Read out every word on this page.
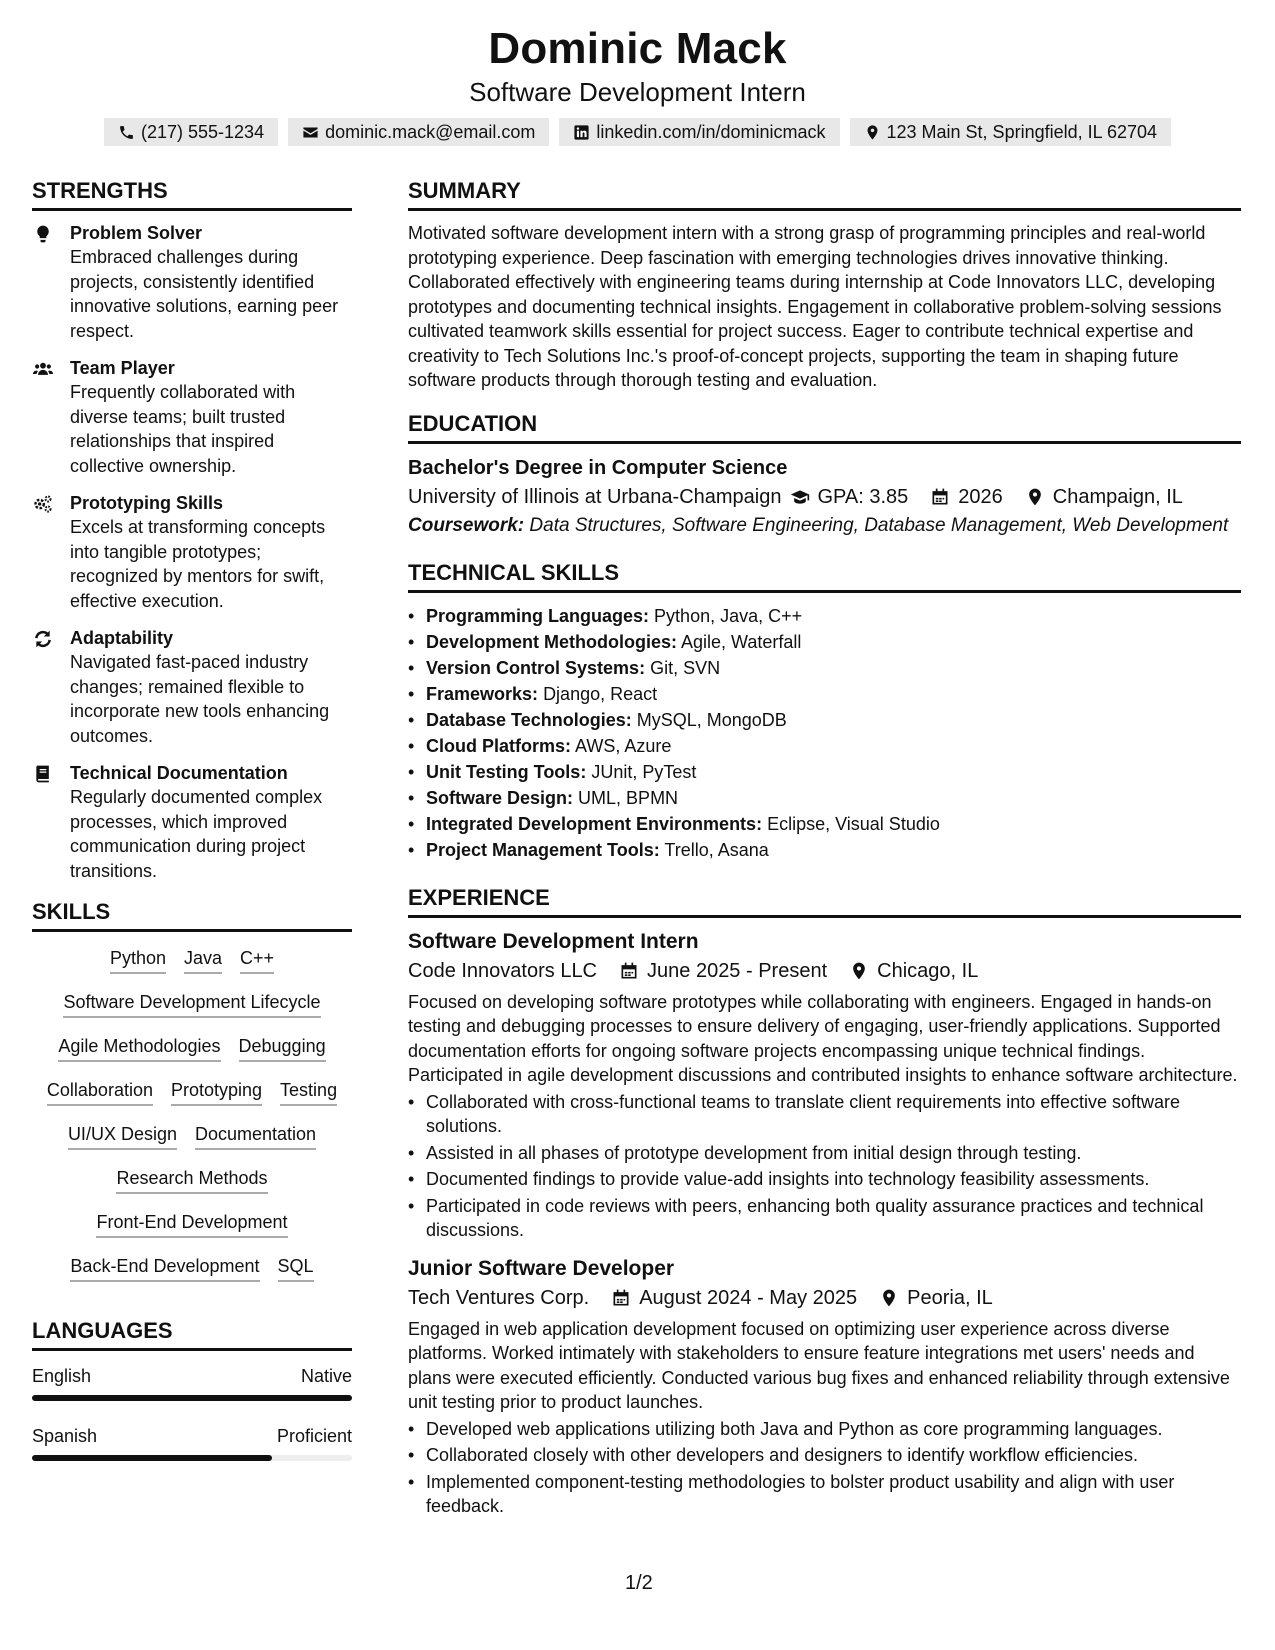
Dominic Mack
Software Development Intern
(217) 555-1234	dominic.mack@email.com	linkedin.com/in/dominicmack	123 Main St, Springfield, IL 62704
STRENGTHS
Problem Solver
Embraced challenges during projects, consistently identified innovative solutions, earning peer respect.
Team Player
Frequently collaborated with diverse teams; built trusted relationships that inspired collective ownership.
Prototyping Skills
Excels at transforming concepts into tangible prototypes; recognized by mentors for swift, effective execution.
Adaptability
Navigated fast-paced industry changes; remained flexible to incorporate new tools enhancing outcomes.
Technical Documentation
Regularly documented complex processes, which improved communication during project transitions.
SKILLS
Python Java C++
Software Development Lifecycle
Agile Methodologies Debugging
Collaboration Prototyping Testing
UI/UX Design Documentation
Research Methods
Front-End Development
Back-End Development SQL
LANGUAGES
English	Native
Spanish	Proficient
SUMMARY
Motivated software development intern with a strong grasp of programming principles and real-world prototyping experience. Deep fascination with emerging technologies drives innovative thinking. Collaborated effectively with engineering teams during internship at Code Innovators LLC, developing prototypes and documenting technical insights. Engagement in collaborative problem-solving sessions cultivated teamwork skills essential for project success. Eager to contribute technical expertise and creativity to Tech Solutions Inc.'s proof-of-concept projects, supporting the team in shaping future software products through thorough testing and evaluation.
EDUCATION
Bachelor's Degree in Computer Science
University of Illinois at Urbana-Champaign GPA: 3.85	2026	Champaign, IL
Coursework: Data Structures, Software Engineering, Database Management, Web Development
TECHNICAL SKILLS
• Programming Languages: Python, Java, C++
• Development Methodologies: Agile, Waterfall
• Version Control Systems: Git, SVN
• Frameworks: Django, React
• Database Technologies: MySQL, MongoDB
• Cloud Platforms: AWS, Azure
• Unit Testing Tools: JUnit, PyTest
• Software Design: UML, BPMN
• Integrated Development Environments: Eclipse, Visual Studio
• Project Management Tools: Trello, Asana
EXPERIENCE
Software Development Intern
Code Innovators LLC	June 2025 - Present	Chicago, IL
Focused on developing software prototypes while collaborating with engineers. Engaged in hands-on testing and debugging processes to ensure delivery of engaging, user-friendly applications. Supported documentation efforts for ongoing software projects encompassing unique technical findings. Participated in agile development discussions and contributed insights to enhance software architecture.
• Collaborated with cross-functional teams to translate client requirements into effective software solutions.
• Assisted in all phases of prototype development from initial design through testing.
• Documented findings to provide value-add insights into technology feasibility assessments.
• Participated in code reviews with peers, enhancing both quality assurance practices and technical discussions.
Junior Software Developer
Tech Ventures Corp.	August 2024 - May 2025	Peoria, IL
Engaged in web application development focused on optimizing user experience across diverse platforms. Worked intimately with stakeholders to ensure feature integrations met users' needs and plans were executed efficiently. Conducted various bug fixes and enhanced reliability through extensive unit testing prior to product launches.
• Developed web applications utilizing both Java and Python as core programming languages.
• Collaborated closely with other developers and designers to identify workflow efficiencies.
• Implemented component-testing methodologies to bolster product usability and align with user feedback.
1/2
